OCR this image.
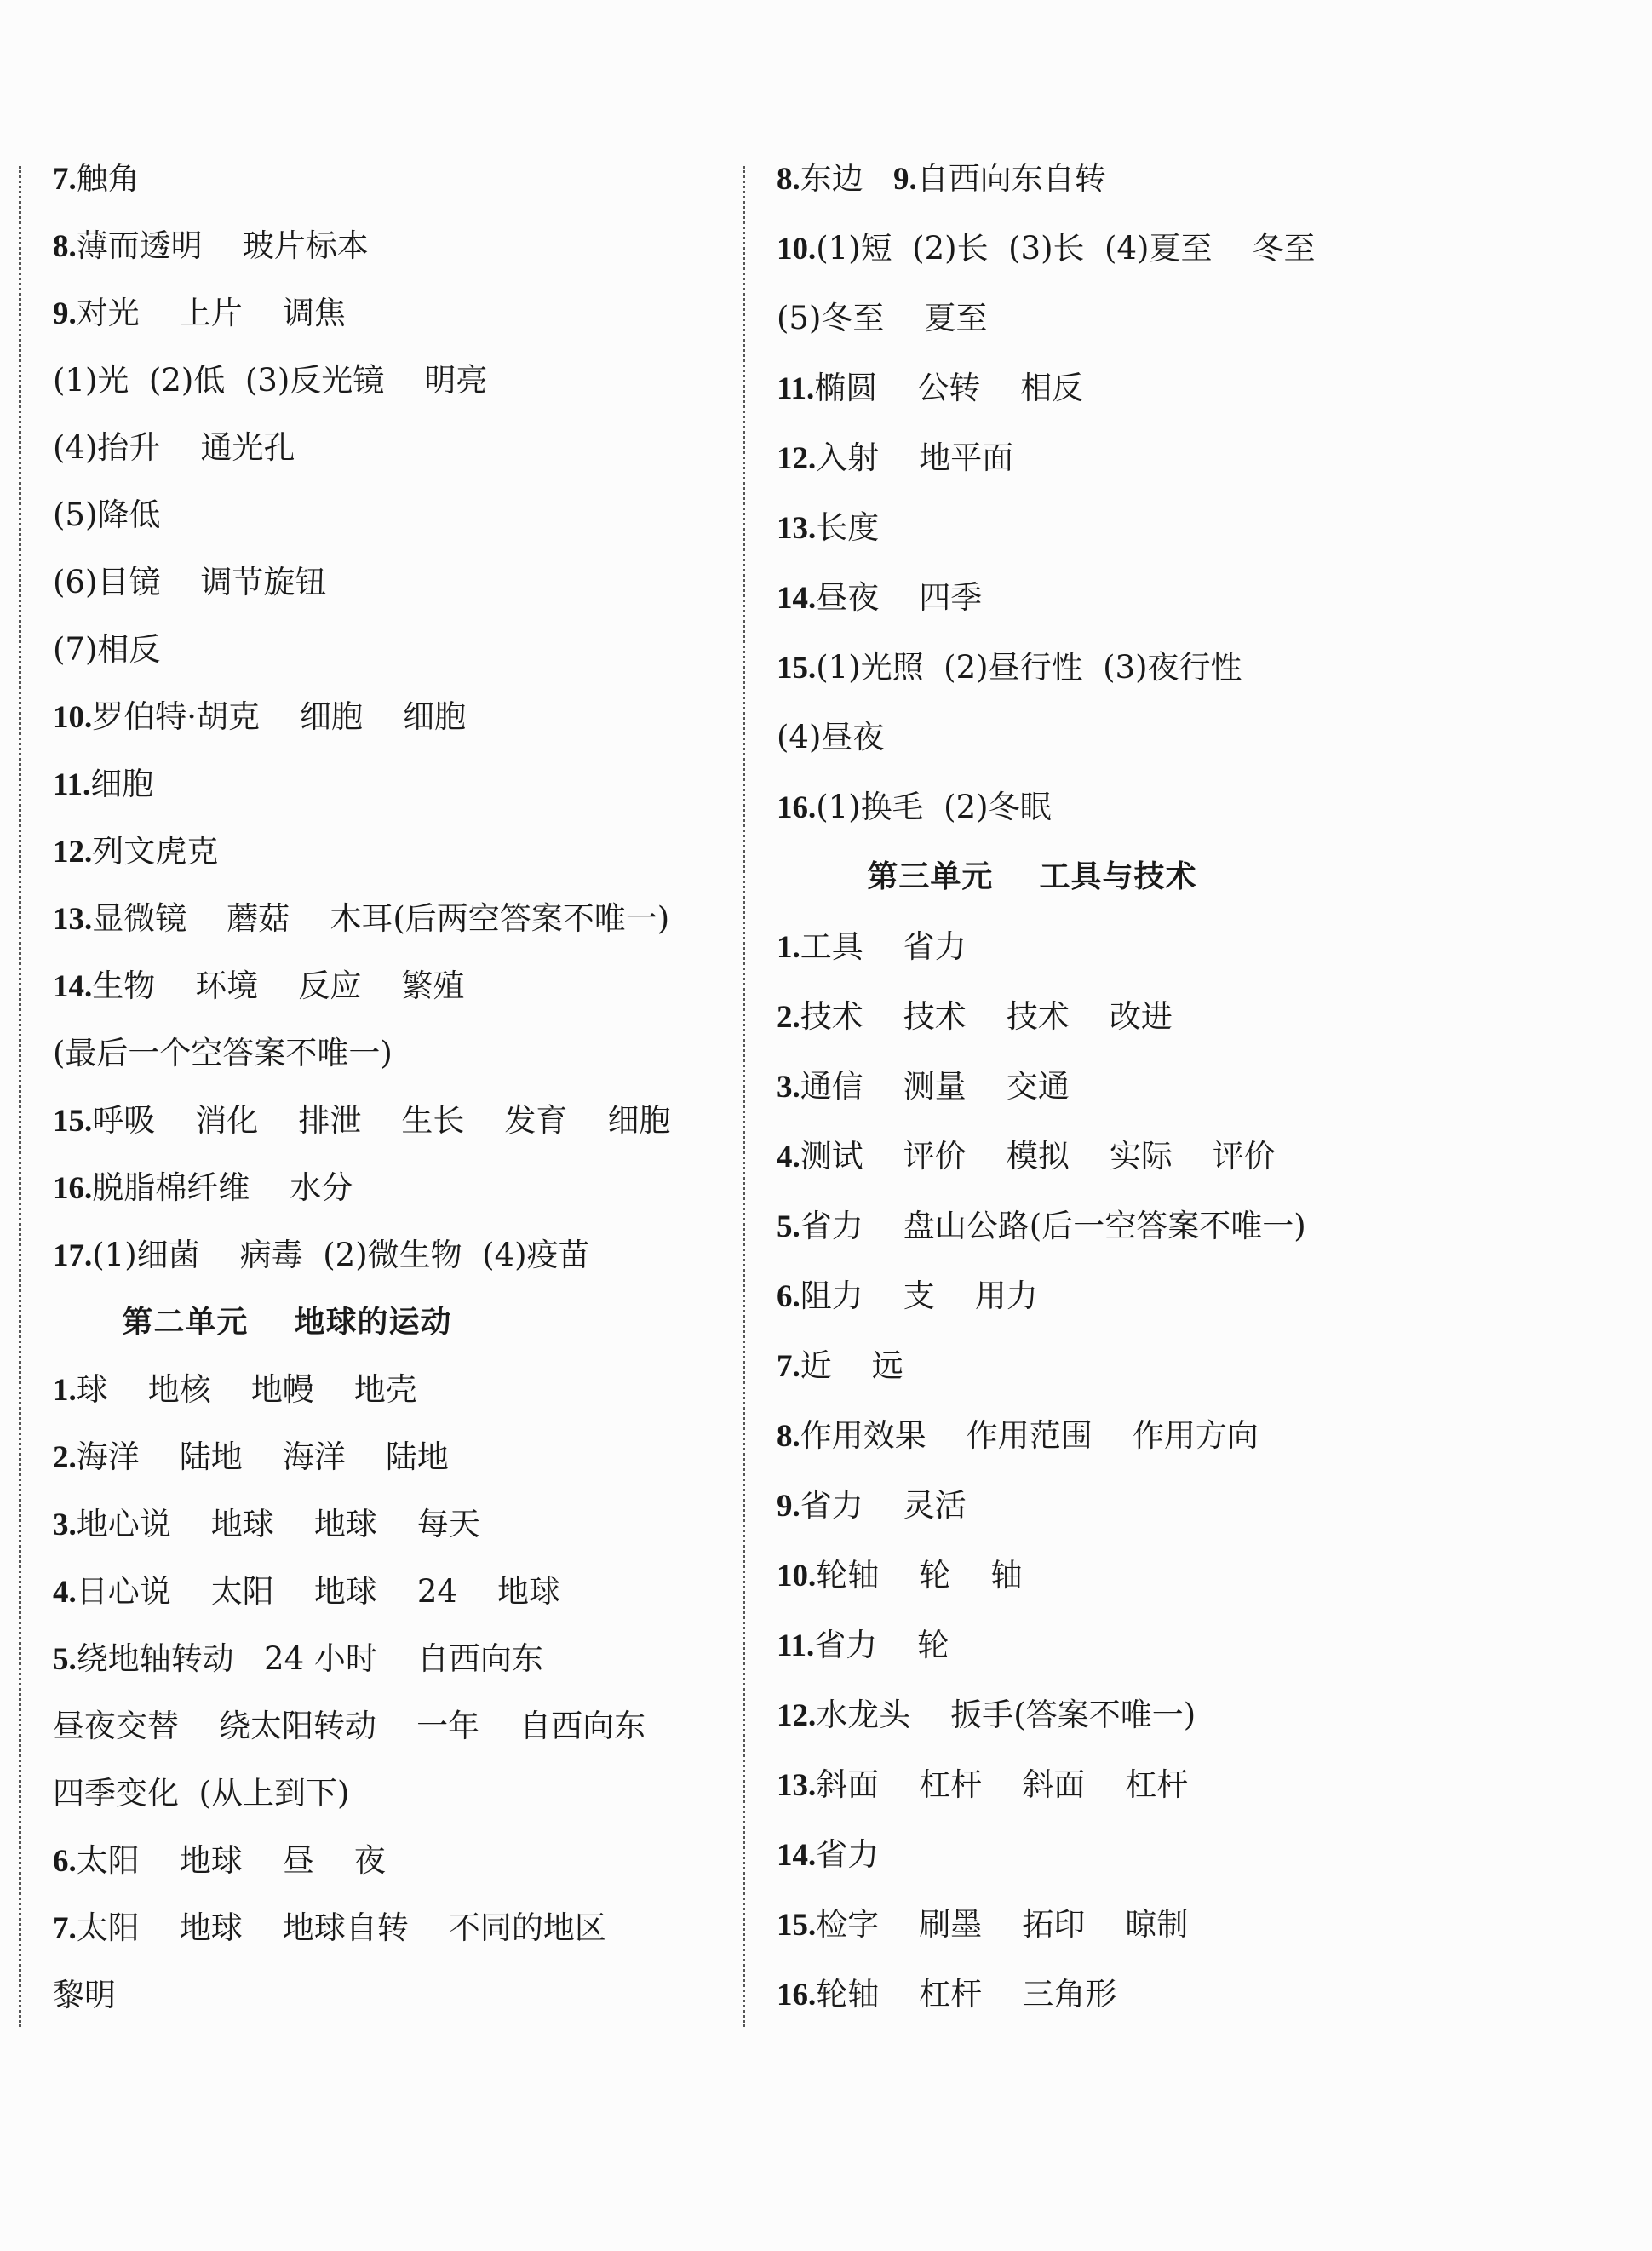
7.触角
8.薄而透明    玻片标本
9.对光    上片    调焦
(1)光  (2)低  (3)反光镜    明亮
(4)抬升    通光孔
(5)降低
(6)目镜    调节旋钮
(7)相反
10.罗伯特·胡克    细胞    细胞
11.细胞
12.列文虎克
13.显微镜    蘑菇    木耳(后两空答案不唯一)
14.生物    环境    反应    繁殖
(最后一个空答案不唯一)
15.呼吸    消化    排泄    生长    发育    细胞
16.脱脂棉纤维    水分
17.(1)细菌    病毒  (2)微生物  (4)疫苗
第二单元    地球的运动
1.球    地核    地幔    地壳
2.海洋    陆地    海洋    陆地
3.地心说    地球    地球    每天
4.日心说    太阳    地球    24    地球
5.绕地轴转动   24 小时    自西向东
昼夜交替    绕太阳转动    一年    自西向东
四季变化  (从上到下)
6.太阳    地球    昼    夜
7.太阳    地球    地球自转    不同的地区
黎明
8.东边   9.自西向东自转
10.(1)短  (2)长  (3)长  (4)夏至    冬至
(5)冬至    夏至
11.椭圆    公转    相反
12.入射    地平面
13.长度
14.昼夜    四季
15.(1)光照  (2)昼行性  (3)夜行性
(4)昼夜
16.(1)换毛  (2)冬眠
第三单元    工具与技术
1.工具    省力
2.技术    技术    技术    改进
3.通信    测量    交通
4.测试    评价    模拟    实际    评价
5.省力    盘山公路(后一空答案不唯一)
6.阻力    支    用力
7.近    远
8.作用效果    作用范围    作用方向
9.省力    灵活
10.轮轴    轮    轴
11.省力    轮
12.水龙头    扳手(答案不唯一)
13.斜面    杠杆    斜面    杠杆
14.省力
15.检字    刷墨    拓印    晾制
16.轮轴    杠杆    三角形
